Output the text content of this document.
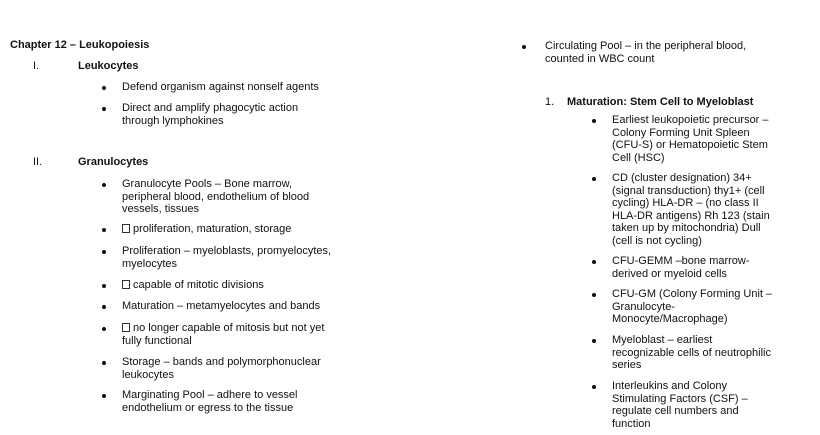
Chapter 12 – Leukopoiesis
I.	Leukocytes
Defend organism against nonself agents
Direct and amplify phagocytic action
through lymphokines
II.	Granulocytes
Granulocyte Pools – Bone marrow,
peripheral blood, endothelium of blood
vessels, tissues
proliferation, maturation, storage
Proliferation – myeloblasts, promyelocytes,
myelocytes
capable of mitotic divisions
Maturation – metamyelocytes and bands
no longer capable of mitosis but not yet
fully functional
Storage – bands and polymorphonuclear
leukocytes
Marginating Pool – adhere to vessel
endothelium or egress to the tissue
Circulating Pool – in the peripheral blood,
counted in WBC count
1. Maturation: Stem Cell to Myeloblast
Earliest leukopoietic precursor –
Colony Forming Unit Spleen
(CFU-S) or Hematopoietic Stem
Cell (HSC)
CD (cluster designation) 34+
(signal transduction) thy1+ (cell
cycling) HLA-DR – (no class II
HLA-DR antigens) Rh 123 (stain
taken up by mitochondria) Dull
(cell is not cycling)
CFU-GEMM –bone marrow-
derived or myeloid cells
CFU-GM (Colony Forming Unit –
Granulocyte-
Monocyte/Macrophage)
Myeloblast – earliest
recognizable cells of neutrophilic
series
Interleukins and Colony
Stimulating Factors (CSF) –
regulate cell numbers and
function
